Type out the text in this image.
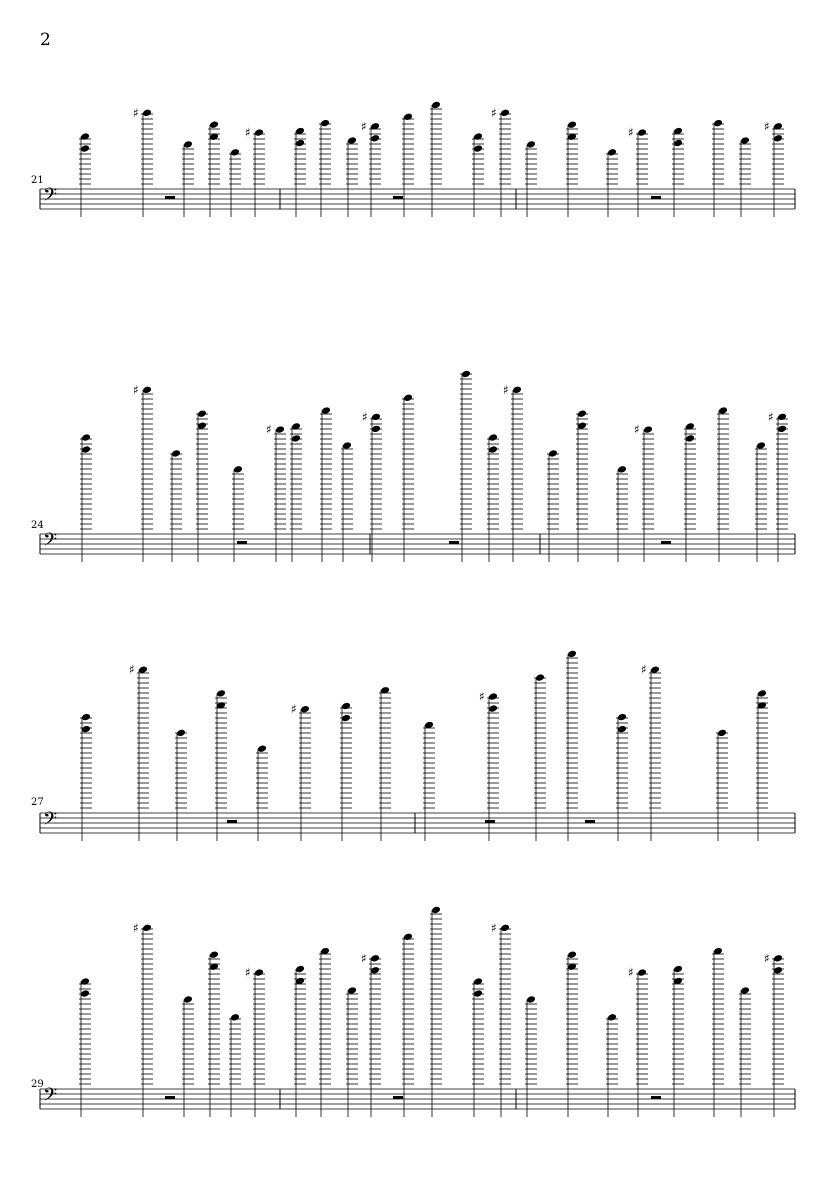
2
21
𝄢
♯
♯	♯
♯
♯	♯
24
𝄢
♯
♯
♯
♯
♯
♯
27
𝄢
♯
♯
♯
♯
29
𝄢
♯
♯
♯
♯
♯
♯
